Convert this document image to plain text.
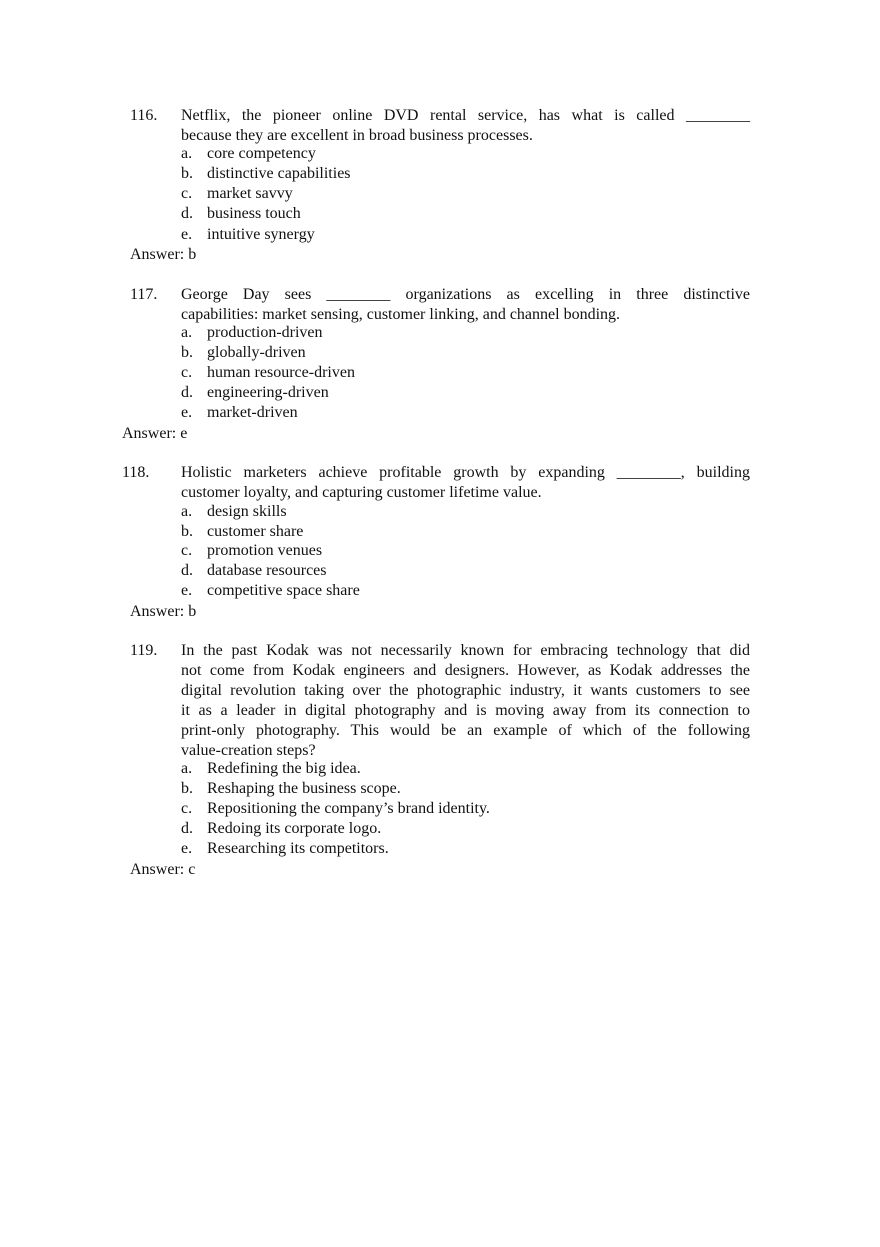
116. Netflix, the pioneer online DVD rental service, has what is called ________
because they are excellent in broad business processes.
a. core competency
b. distinctive capabilities
c. market savvy
d. business touch
e. intuitive synergy
Answer: b
117. George Day sees ________ organizations as excelling in three distinctive
capabilities: market sensing, customer linking, and channel bonding.
a. production-driven
b. globally-driven
c. human resource-driven
d. engineering-driven
e. market-driven
Answer: e
118. Holistic marketers achieve profitable growth by expanding ________, building
customer loyalty, and capturing customer lifetime value.
a. design skills
b. customer share
c. promotion venues
d. database resources
e. competitive space share
Answer: b
119. In the past Kodak was not necessarily known for embracing technology that did
not come from Kodak engineers and designers. However, as Kodak addresses the
digital revolution taking over the photographic industry, it wants customers to see
it as a leader in digital photography and is moving away from its connection to
print-only photography. This would be an example of which of the following
value-creation steps?
a. Redefining the big idea.
b. Reshaping the business scope.
c. Repositioning the company’s brand identity.
d. Redoing its corporate logo.
e. Researching its competitors.
Answer: c
